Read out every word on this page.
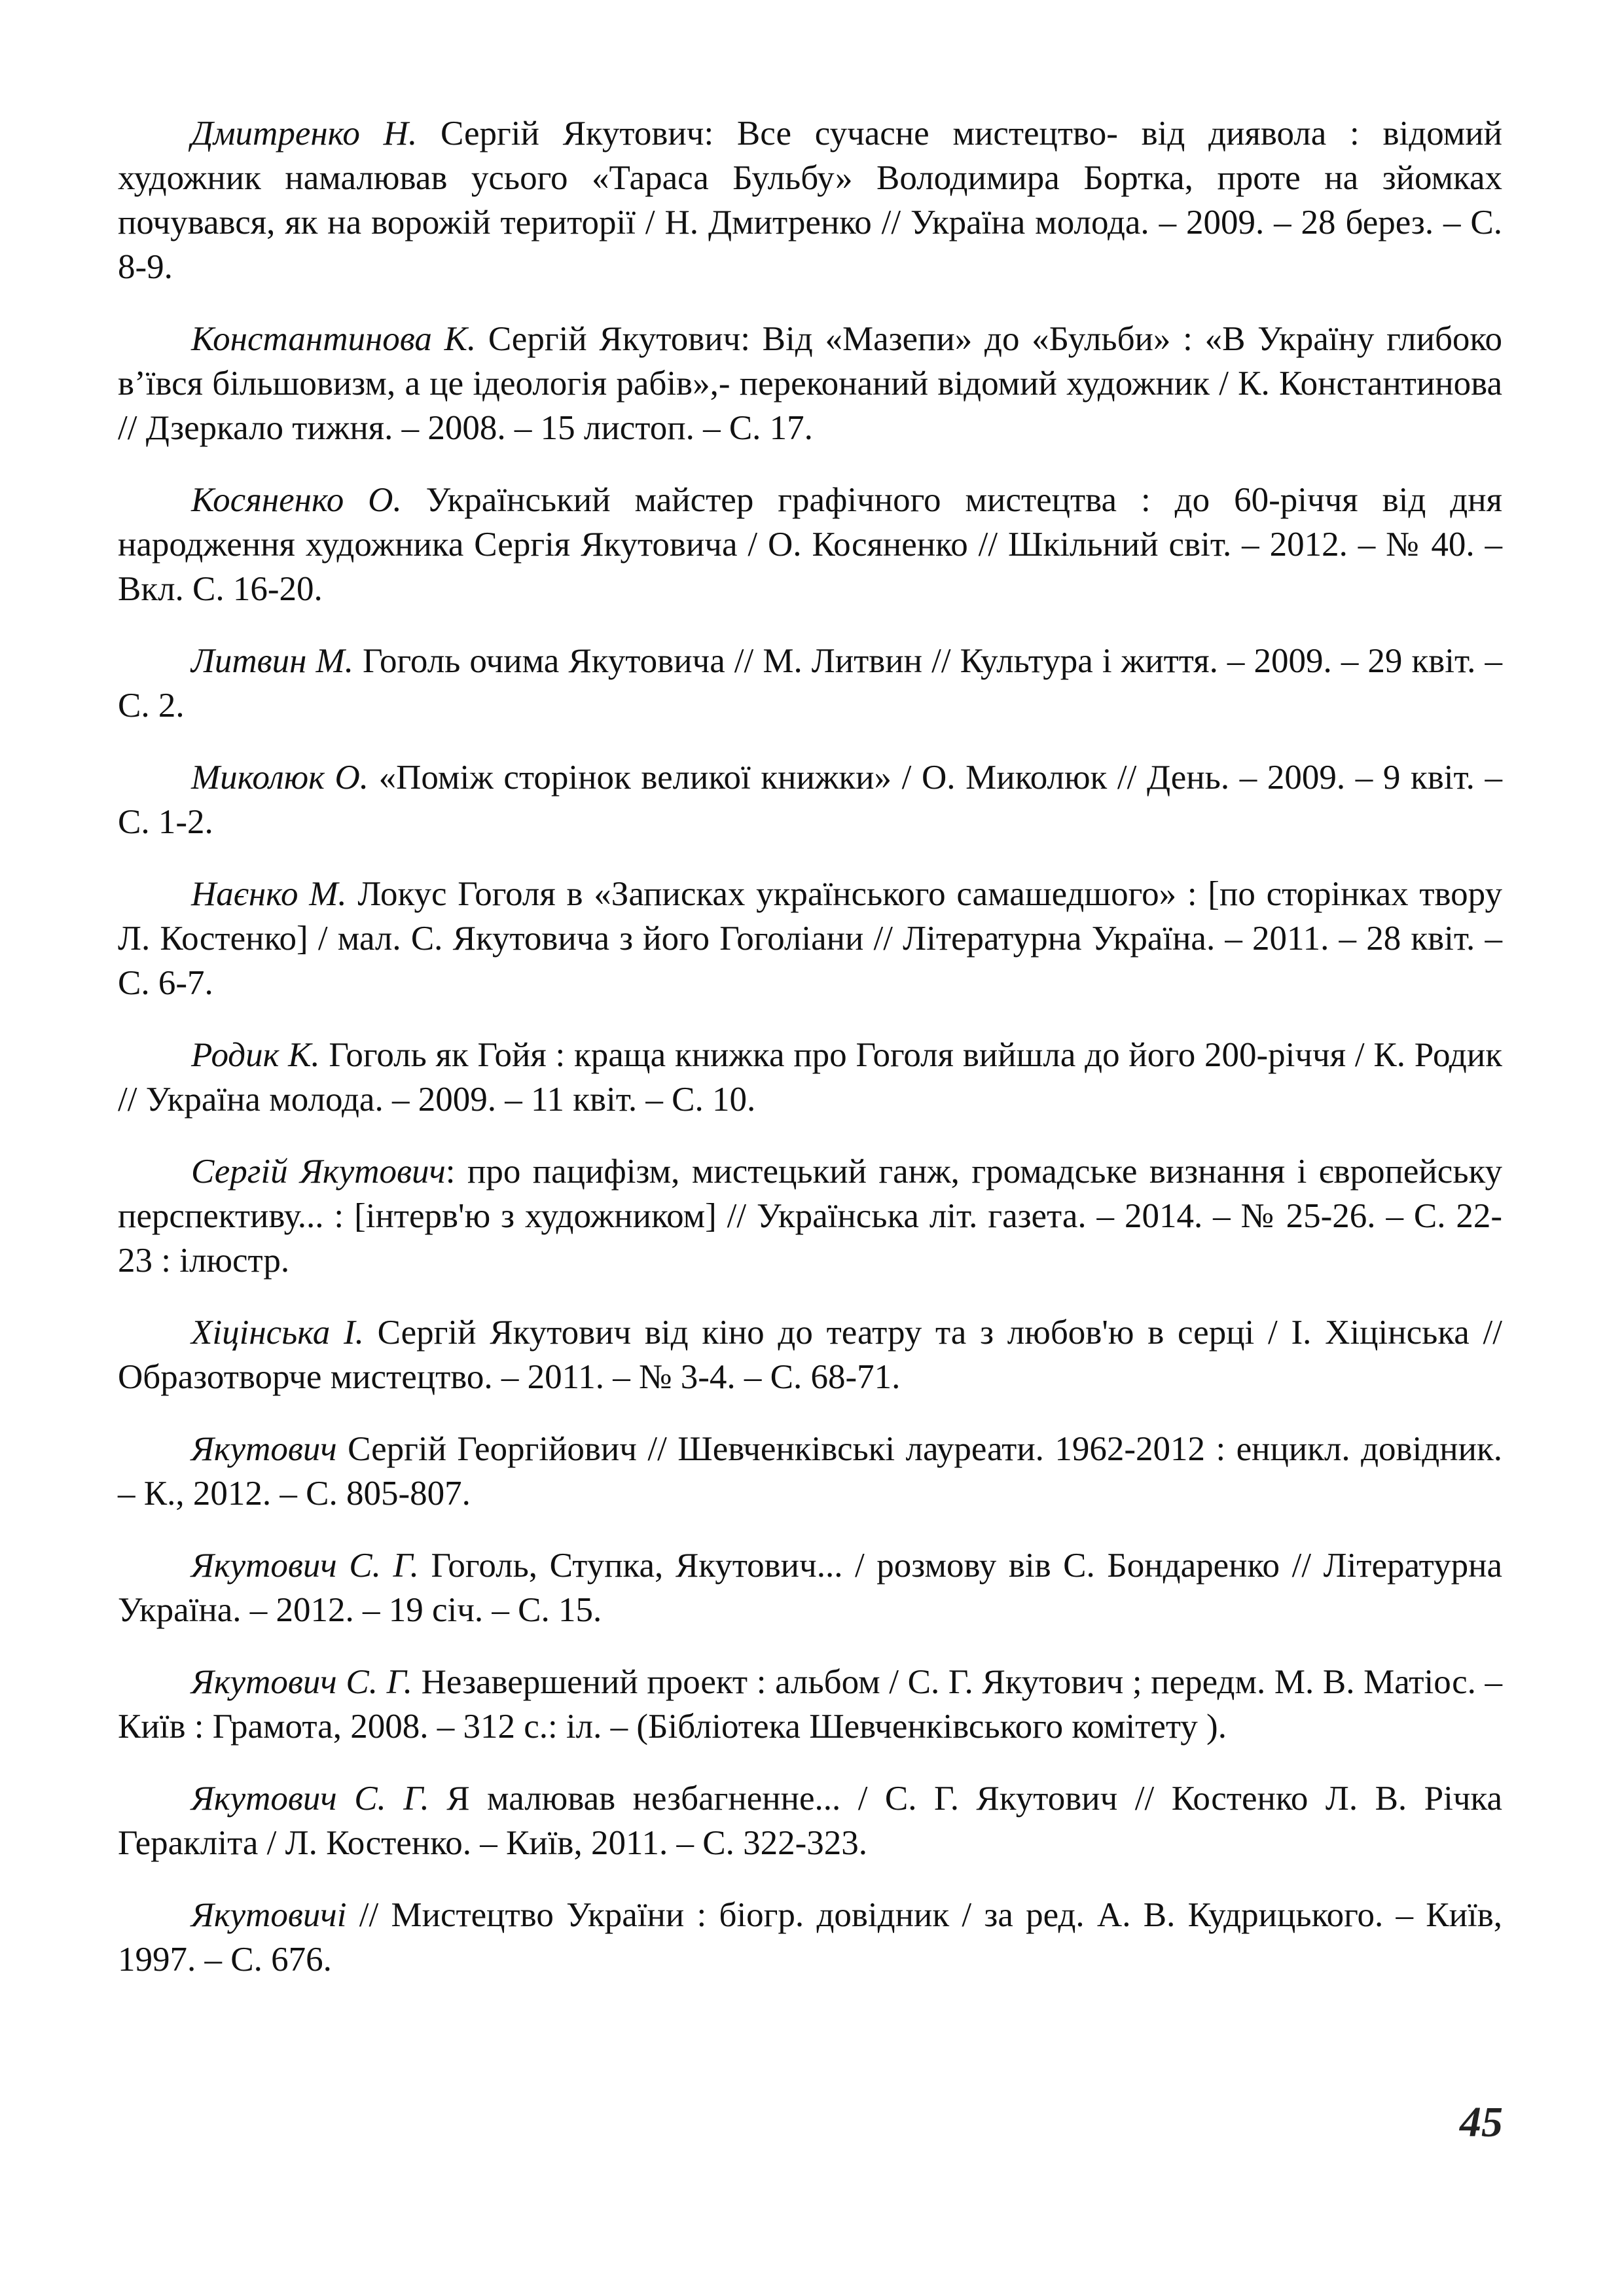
Дмитренко Н. Сергій Якутович: Все сучасне мистецтво- від диявола : відомий художник намалював усього «Тараса Бульбу» Володимира Бортка, проте на зйомках почувався, як на ворожій території / Н. Дмитренко // Україна молода. – 2009. – 28 берез. – С. 8-9.

Константинова К. Сергій Якутович: Від «Мазепи» до «Бульби» : «В Україну глибоко в’ївся більшовизм, а це ідеологія рабів»,- переконаний відомий художник / К. Константинова // Дзеркало тижня. – 2008. – 15 листоп. – С. 17.

Косяненко О. Український майстер графічного мистецтва : до 60-річчя від дня народження художника Сергія Якутовича / О. Косяненко // Шкільний світ. – 2012. – № 40. – Вкл. С. 16-20.

Литвин М. Гоголь очима Якутовича // М. Литвин // Культура і життя. – 2009. – 29 квіт. – С. 2.

Миколюк О. «Поміж сторінок великої книжки» / О. Миколюк // День. – 2009. – 9 квіт. – С. 1-2.

Наєнко М. Локус Гоголя в «Записках українського самашедшого» : [по сторінках твору Л. Костенко] / мал. С. Якутовича з його Гоголіани // Літературна Україна. – 2011. – 28 квіт. – С. 6-7.

Родик К. Гоголь як Гойя : краща книжка про Гоголя вийшла до його 200-річчя / К. Родик // Україна молода. – 2009. – 11 квіт. – С. 10.

Сергій Якутович: про пацифізм, мистецький ганж, громадське визнання і європейську перспективу... : [інтерв'ю з художником] // Українська літ. газета. – 2014. – № 25-26. – С. 22-23 : ілюстр.

Хіцінська І. Сергій Якутович від кіно до театру та з любов'ю в серці / І. Хіцінська // Образотворче мистецтво. – 2011. – № 3-4. – С. 68-71.

Якутович Сергій Георгійович // Шевченківські лауреати. 1962-2012 : енцикл. довідник. – К., 2012. – С. 805-807.

Якутович С. Г. Гоголь, Ступка, Якутович... / розмову вів С. Бондаренко // Літературна Україна. – 2012. – 19 січ. – С. 15.

Якутович С. Г. Незавершений проект : альбом / С. Г. Якутович ; передм. М. В. Матіос. – Київ : Грамота, 2008. – 312 с.: іл. – (Бібліотека Шевченківського комітету ).

Якутович С. Г. Я малював незбагненне... / С. Г. Якутович // Костенко Л. В. Річка Геракліта / Л. Костенко. – Київ, 2011. – С. 322-323.

Якутовичі // Мистецтво України : біогр. довідник / за ред. А. В. Кудрицького. – Київ, 1997. – С. 676.

45
